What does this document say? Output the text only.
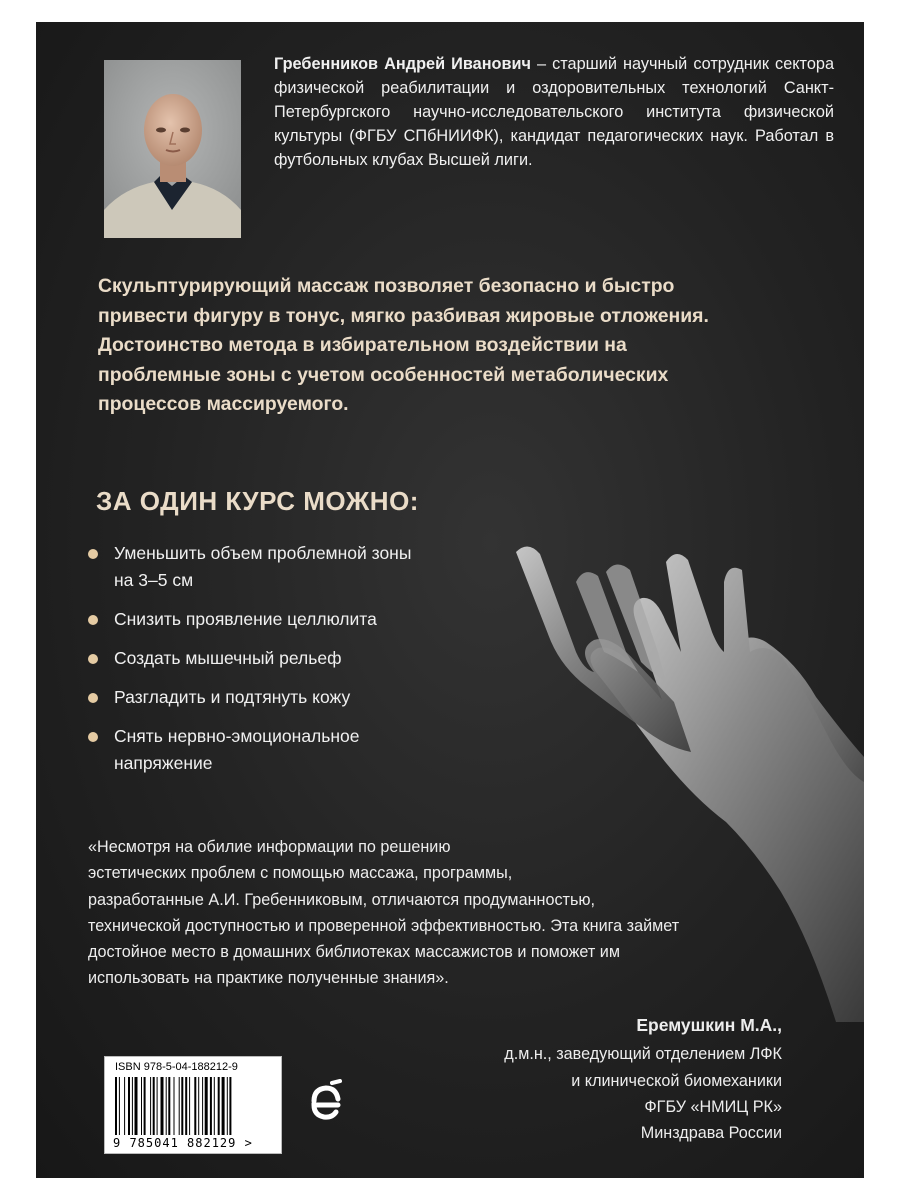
Гребенников Андрей Иванович – старший научный сотрудник сектора физической реабилитации и оздоровительных технологий Санкт-Петербургского научно-исследовательского института физической культуры (ФГБУ СПбНИИФК), кандидат педагогических наук. Работал в футбольных клубах Высшей лиги.
Скульптурирующий массаж позволяет безопасно и быстро
привести фигуру в тонус, мягко разбивая жировые отложения.
Достоинство метода в избирательном воздействии на
проблемные зоны с учетом особенностей метаболических
процессов массируемого.
ЗА ОДИН КУРС МОЖНО:
Уменьшить объем проблемной зоны на 3–5 см
Снизить проявление целлюлита
Создать мышечный рельеф
Разгладить и подтянуть кожу
Снять нервно-эмоциональное напряжение
«Несмотря на обилие информации по решению
эстетических проблем с помощью массажа, программы,
разработанные А.И. Гребенниковым, отличаются продуманностью,
технической доступностью и проверенной эффективностью. Эта книга займет
достойное место в домашних библиотеках массажистов и поможет им
использовать на практике полученные знания».
Еремушкин М.А.,
д.м.н., заведующий отделением ЛФК
и клинической биомеханики
ФГБУ «НМИЦ РК»
Минздрава России
ISBN 978-5-04-188212-9
9 785041 882129 >
